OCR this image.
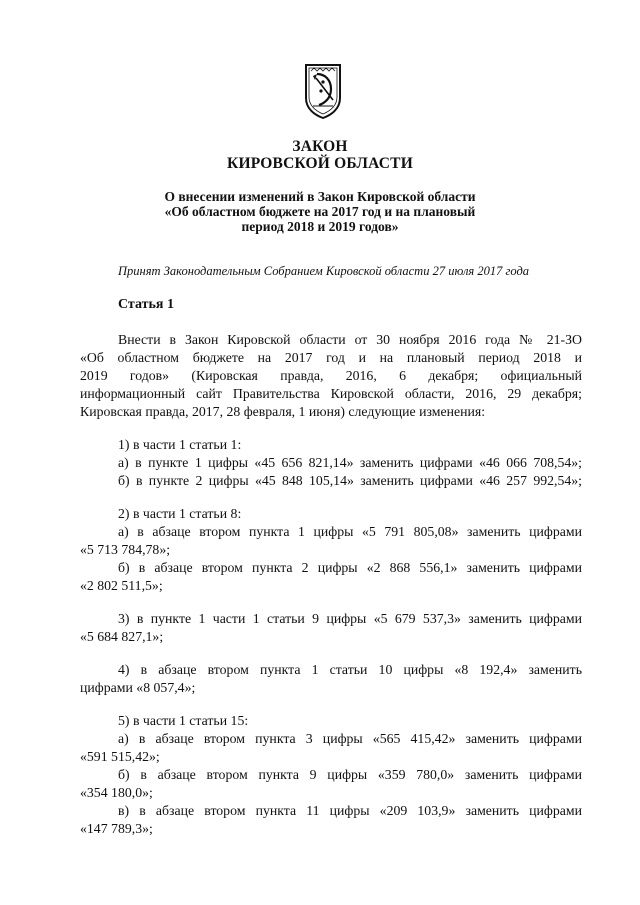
ЗАКОН
КИРОВСКОЙ ОБЛАСТИ
О внесении изменений в Закон Кировской области
«Об областном бюджете на 2017 год и на плановый
период 2018 и 2019 годов»
Принят Законодательным Собранием Кировской области 27 июля 2017 года
Статья 1
Внести в Закон Кировской области от 30 ноября 2016 года № 21-ЗО
«Об областном бюджете на 2017 год и на плановый период 2018 и
2019 годов» (Кировская правда, 2016, 6 декабря; официальный
информационный сайт Правительства Кировской области, 2016, 29 декабря;
Кировская правда, 2017, 28 февраля, 1 июня) следующие изменения:
1) в части 1 статьи 1:
а) в пункте 1 цифры «45 656 821,14» заменить цифрами «46 066 708,54»;
б) в пункте 2 цифры «45 848 105,14» заменить цифрами «46 257 992,54»;
2) в части 1 статьи 8:
а) в абзаце втором пункта 1 цифры «5 791 805,08» заменить цифрами
«5 713 784,78»;
б) в абзаце втором пункта 2 цифры «2 868 556,1» заменить цифрами
«2 802 511,5»;
3) в пункте 1 части 1 статьи 9 цифры «5 679 537,3» заменить цифрами
«5 684 827,1»;
4) в абзаце втором пункта 1 статьи 10 цифры «8 192,4» заменить
цифрами «8 057,4»;
5) в части 1 статьи 15:
а) в абзаце втором пункта 3 цифры «565 415,42» заменить цифрами
«591 515,42»;
б) в абзаце втором пункта 9 цифры «359 780,0» заменить цифрами
«354 180,0»;
в) в абзаце втором пункта 11 цифры «209 103,9» заменить цифрами
«147 789,3»;
